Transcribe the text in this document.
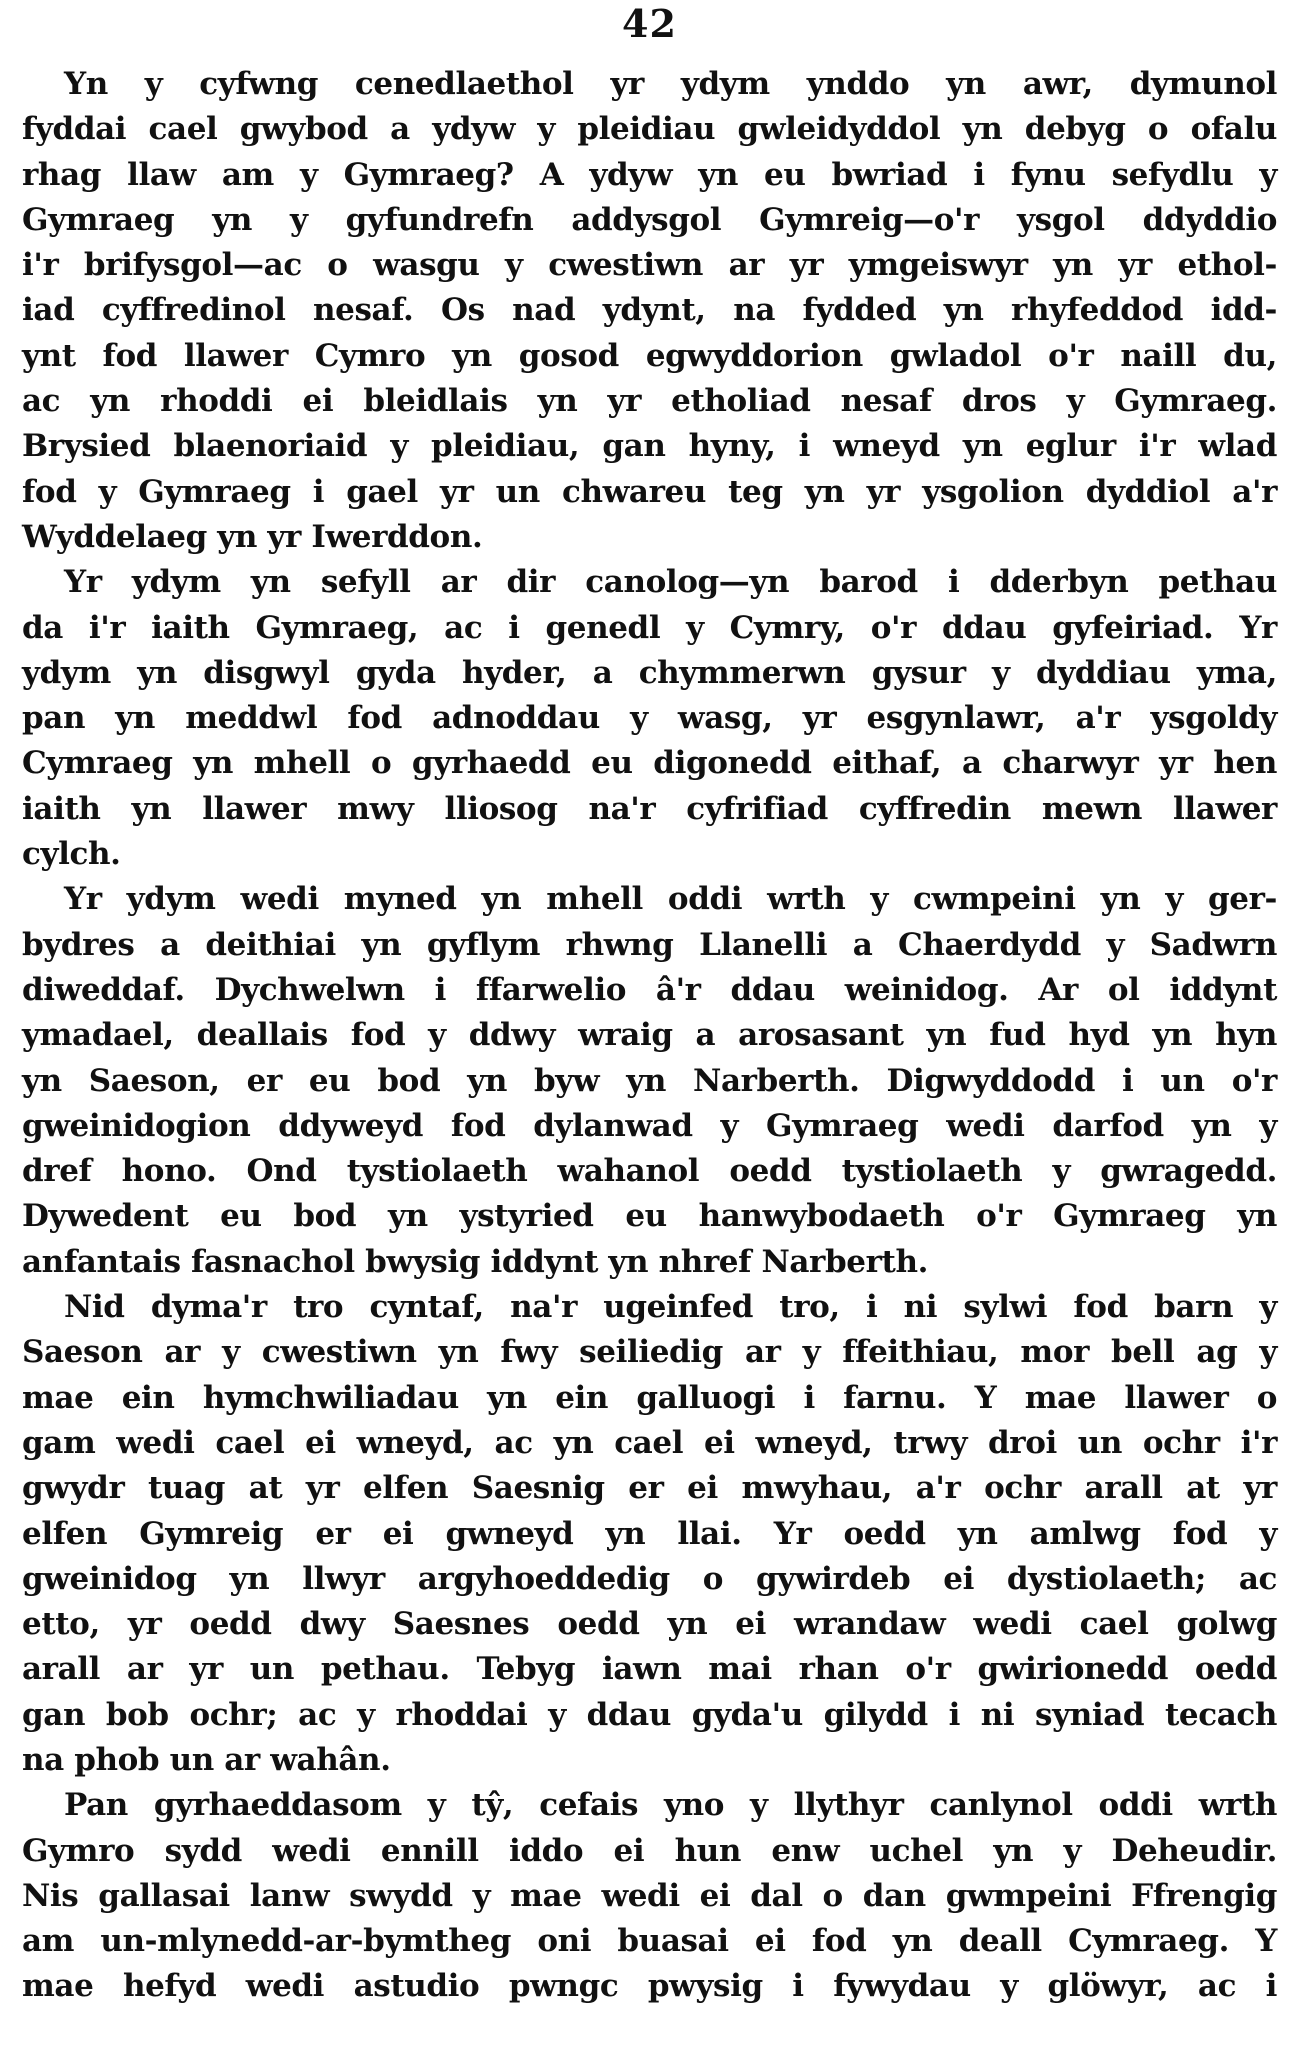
42
Yn y cyfwng cenedlaethol yr ydym ynddo yn awr, dymunol
fyddai cael gwybod a ydyw y pleidiau gwleidyddol yn debyg o ofalu
rhag llaw am y Gymraeg? A ydyw yn eu bwriad i fynu sefydlu y
Gymraeg yn y gyfundrefn addysgol Gymreig—o'r ysgol ddyddio
i'r brifysgol—ac o wasgu y cwestiwn ar yr ymgeiswyr yn yr ethol-
iad cyffredinol nesaf. Os nad ydynt, na fydded yn rhyfeddod idd-
ynt fod llawer Cymro yn gosod egwyddorion gwladol o'r naill du,
ac yn rhoddi ei bleidlais yn yr etholiad nesaf dros y Gymraeg.
Brysied blaenoriaid y pleidiau, gan hyny, i wneyd yn eglur i'r wlad
fod y Gymraeg i gael yr un chwareu teg yn yr ysgolion dyddiol a'r
Wyddelaeg yn yr Iwerddon.
Yr ydym yn sefyll ar dir canolog—yn barod i dderbyn pethau
da i'r iaith Gymraeg, ac i genedl y Cymry, o'r ddau gyfeiriad. Yr
ydym yn disgwyl gyda hyder, a chymmerwn gysur y dyddiau yma,
pan yn meddwl fod adnoddau y wasg, yr esgynlawr, a'r ysgoldy
Cymraeg yn mhell o gyrhaedd eu digonedd eithaf, a charwyr yr hen
iaith yn llawer mwy lliosog na'r cyfrifiad cyffredin mewn llawer
cylch.
Yr ydym wedi myned yn mhell oddi wrth y cwmpeini yn y ger-
bydres a deithiai yn gyflym rhwng Llanelli a Chaerdydd y Sadwrn
diweddaf. Dychwelwn i ffarwelio â'r ddau weinidog. Ar ol iddynt
ymadael, deallais fod y ddwy wraig a arosasant yn fud hyd yn hyn
yn Saeson, er eu bod yn byw yn Narberth. Digwyddodd i un o'r
gweinidogion ddyweyd fod dylanwad y Gymraeg wedi darfod yn y
dref hono. Ond tystiolaeth wahanol oedd tystiolaeth y gwragedd.
Dywedent eu bod yn ystyried eu hanwybodaeth o'r Gymraeg yn
anfantais fasnachol bwysig iddynt yn nhref Narberth.
Nid dyma'r tro cyntaf, na'r ugeinfed tro, i ni sylwi fod barn y
Saeson ar y cwestiwn yn fwy seiliedig ar y ffeithiau, mor bell ag y
mae ein hymchwiliadau yn ein galluogi i farnu. Y mae llawer o
gam wedi cael ei wneyd, ac yn cael ei wneyd, trwy droi un ochr i'r
gwydr tuag at yr elfen Saesnig er ei mwyhau, a'r ochr arall at yr
elfen Gymreig er ei gwneyd yn llai. Yr oedd yn amlwg fod y
gweinidog yn llwyr argyhoeddedig o gywirdeb ei dystiolaeth; ac
etto, yr oedd dwy Saesnes oedd yn ei wrandaw wedi cael golwg
arall ar yr un pethau. Tebyg iawn mai rhan o'r gwirionedd oedd
gan bob ochr; ac y rhoddai y ddau gyda'u gilydd i ni syniad tecach
na phob un ar wahân.
Pan gyrhaeddasom y tŷ, cefais yno y llythyr canlynol oddi wrth
Gymro sydd wedi ennill iddo ei hun enw uchel yn y Deheudir.
Nis gallasai lanw swydd y mae wedi ei dal o dan gwmpeini Ffrengig
am un-mlynedd-ar-bymtheg oni buasai ei fod yn deall Cymraeg. Y
mae hefyd wedi astudio pwngc pwysig i fywydau y glöwyr, ac i
